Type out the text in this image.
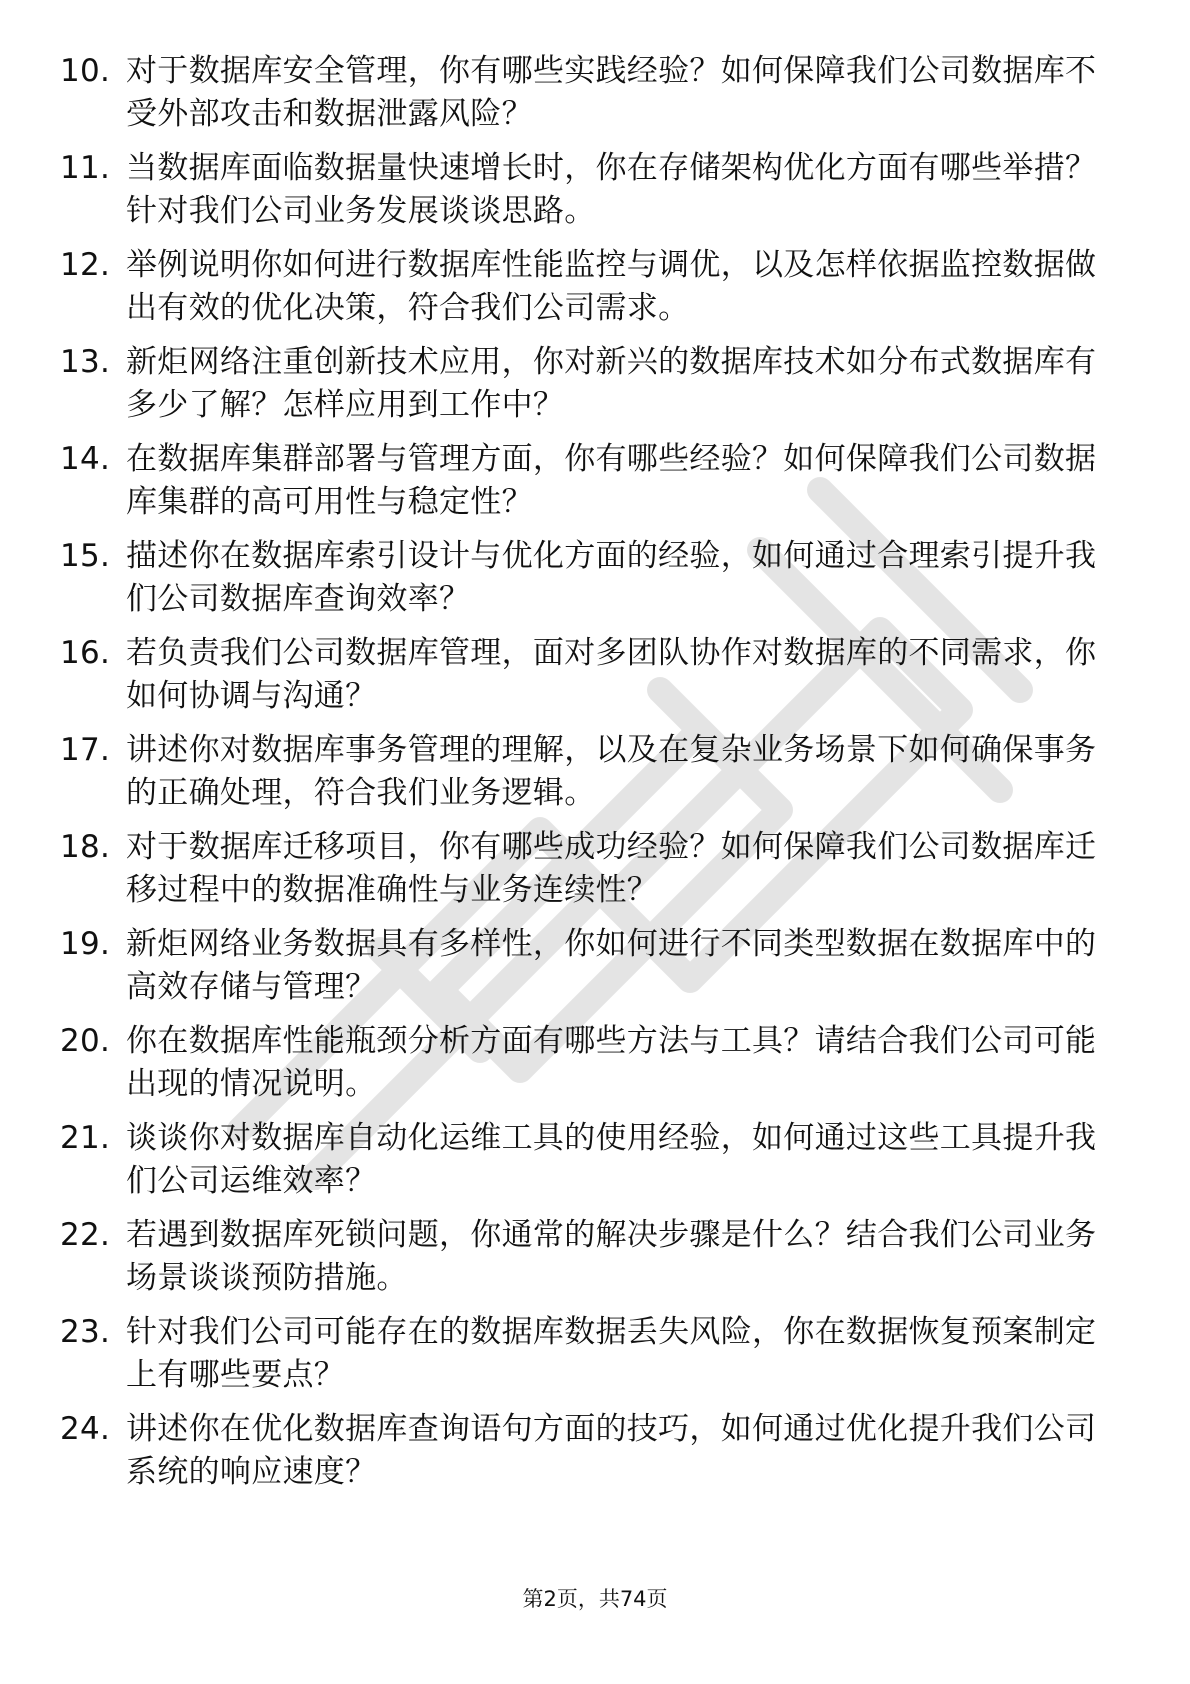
10. 对于数据库安全管理，你有哪些实践经验？如何保障我们公司数据库不受外部攻击和数据泄露风险？
11. 当数据库面临数据量快速增长时，你在存储架构优化方面有哪些举措？针对我们公司业务发展谈谈思路。
12. 举例说明你如何进行数据库性能监控与调优，以及怎样依据监控数据做出有效的优化决策，符合我们公司需求。
13. 新炬网络注重创新技术应用，你对新兴的数据库技术如分布式数据库有多少了解？怎样应用到工作中？
14. 在数据库集群部署与管理方面，你有哪些经验？如何保障我们公司数据库集群的高可用性与稳定性？
15. 描述你在数据库索引设计与优化方面的经验，如何通过合理索引提升我们公司数据库查询效率？
16. 若负责我们公司数据库管理，面对多团队协作对数据库的不同需求，你如何协调与沟通？
17. 讲述你对数据库事务管理的理解，以及在复杂业务场景下如何确保事务的正确处理，符合我们业务逻辑。
18. 对于数据库迁移项目，你有哪些成功经验？如何保障我们公司数据库迁移过程中的数据准确性与业务连续性？
19. 新炬网络业务数据具有多样性，你如何进行不同类型数据在数据库中的高效存储与管理？
20. 你在数据库性能瓶颈分析方面有哪些方法与工具？请结合我们公司可能出现的情况说明。
21. 谈谈你对数据库自动化运维工具的使用经验，如何通过这些工具提升我们公司运维效率？
22. 若遇到数据库死锁问题，你通常的解决步骤是什么？结合我们公司业务场景谈谈预防措施。
23. 针对我们公司可能存在的数据库数据丢失风险，你在数据恢复预案制定上有哪些要点？
24. 讲述你在优化数据库查询语句方面的技巧，如何通过优化提升我们公司系统的响应速度？
第2页，共74页
